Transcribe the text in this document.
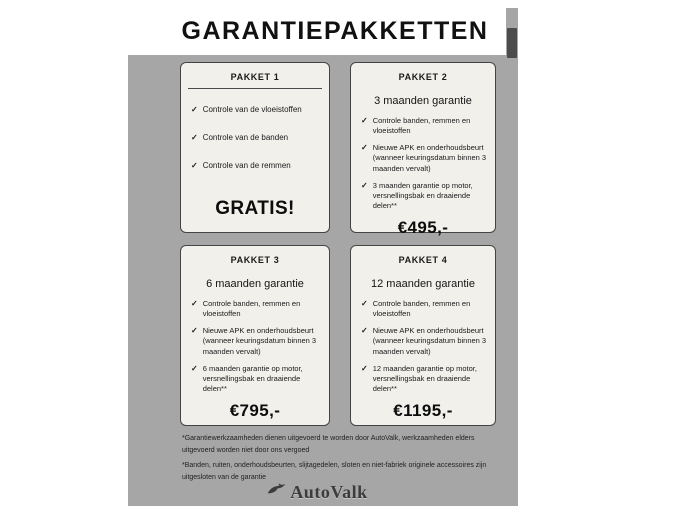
GARANTIEPAKKETTEN
PAKKET 1
✓ Controle van de vloeistoffen
✓ Controle van de banden
✓ Controle van de remmen
GRATIS!
PAKKET 2
3 maanden garantie
✓ Controle banden, remmen en vloeistoffen
✓ Nieuwe APK en onderhoudsbeurt (wanneer keuringsdatum binnen 3 maanden vervalt)
✓ 3 maanden garantie op motor, versnellingsbak en draaiende delen**
€495,-
PAKKET 3
6 maanden garantie
✓ Controle banden, remmen en vloeistoffen
✓ Nieuwe APK en onderhoudsbeurt (wanneer keuringsdatum binnen 3 maanden vervalt)
✓ 6 maanden garantie op motor, versnellingsbak en draaiende delen**
€795,-
PAKKET 4
12 maanden garantie
✓ Controle banden, remmen en vloeistoffen
✓ Nieuwe APK en onderhoudsbeurt (wanneer keuringsdatum binnen 3 maanden vervalt)
✓ 12 maanden garantie op motor, versnellingsbak en draaiende delen**
€1195,-
*Garantiewerkzaamheden dienen uitgevoerd te worden door AutoValk, werkzaamheden elders uitgevoerd worden niet door ons vergoed
*Banden, ruiten, onderhoudsbeurten, slijtagedelen, sloten en niet-fabriek originele accessoires zijn uitgesloten van de garantie
AutoValk
